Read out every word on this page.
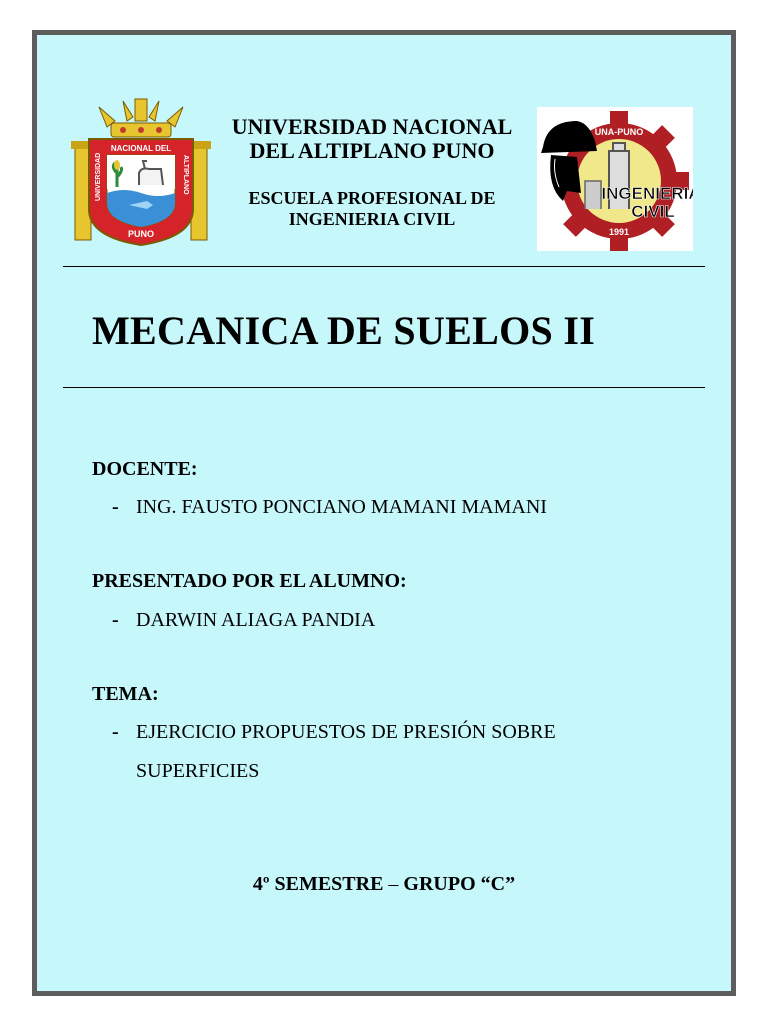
NACIONAL DEL
PUNO
UNIVERSIDAD	ALTIPLANO
UNIVERSIDAD NACIONAL
DEL ALTIPLANO PUNO
ESCUELA PROFESIONAL DE
INGENIERIA CIVIL
UNA-PUNO
1991
INGENIERIA
CIVIL
MECANICA DE SUELOS II
DOCENTE:
- ING. FAUSTO PONCIANO MAMANI MAMANI
PRESENTADO POR EL ALUMNO:
- DARWIN ALIAGA PANDIA
TEMA:
- EJERCICIO PROPUESTOS DE PRESIÓN SOBRE
SUPERFICIES
4º SEMESTRE – GRUPO “C”
